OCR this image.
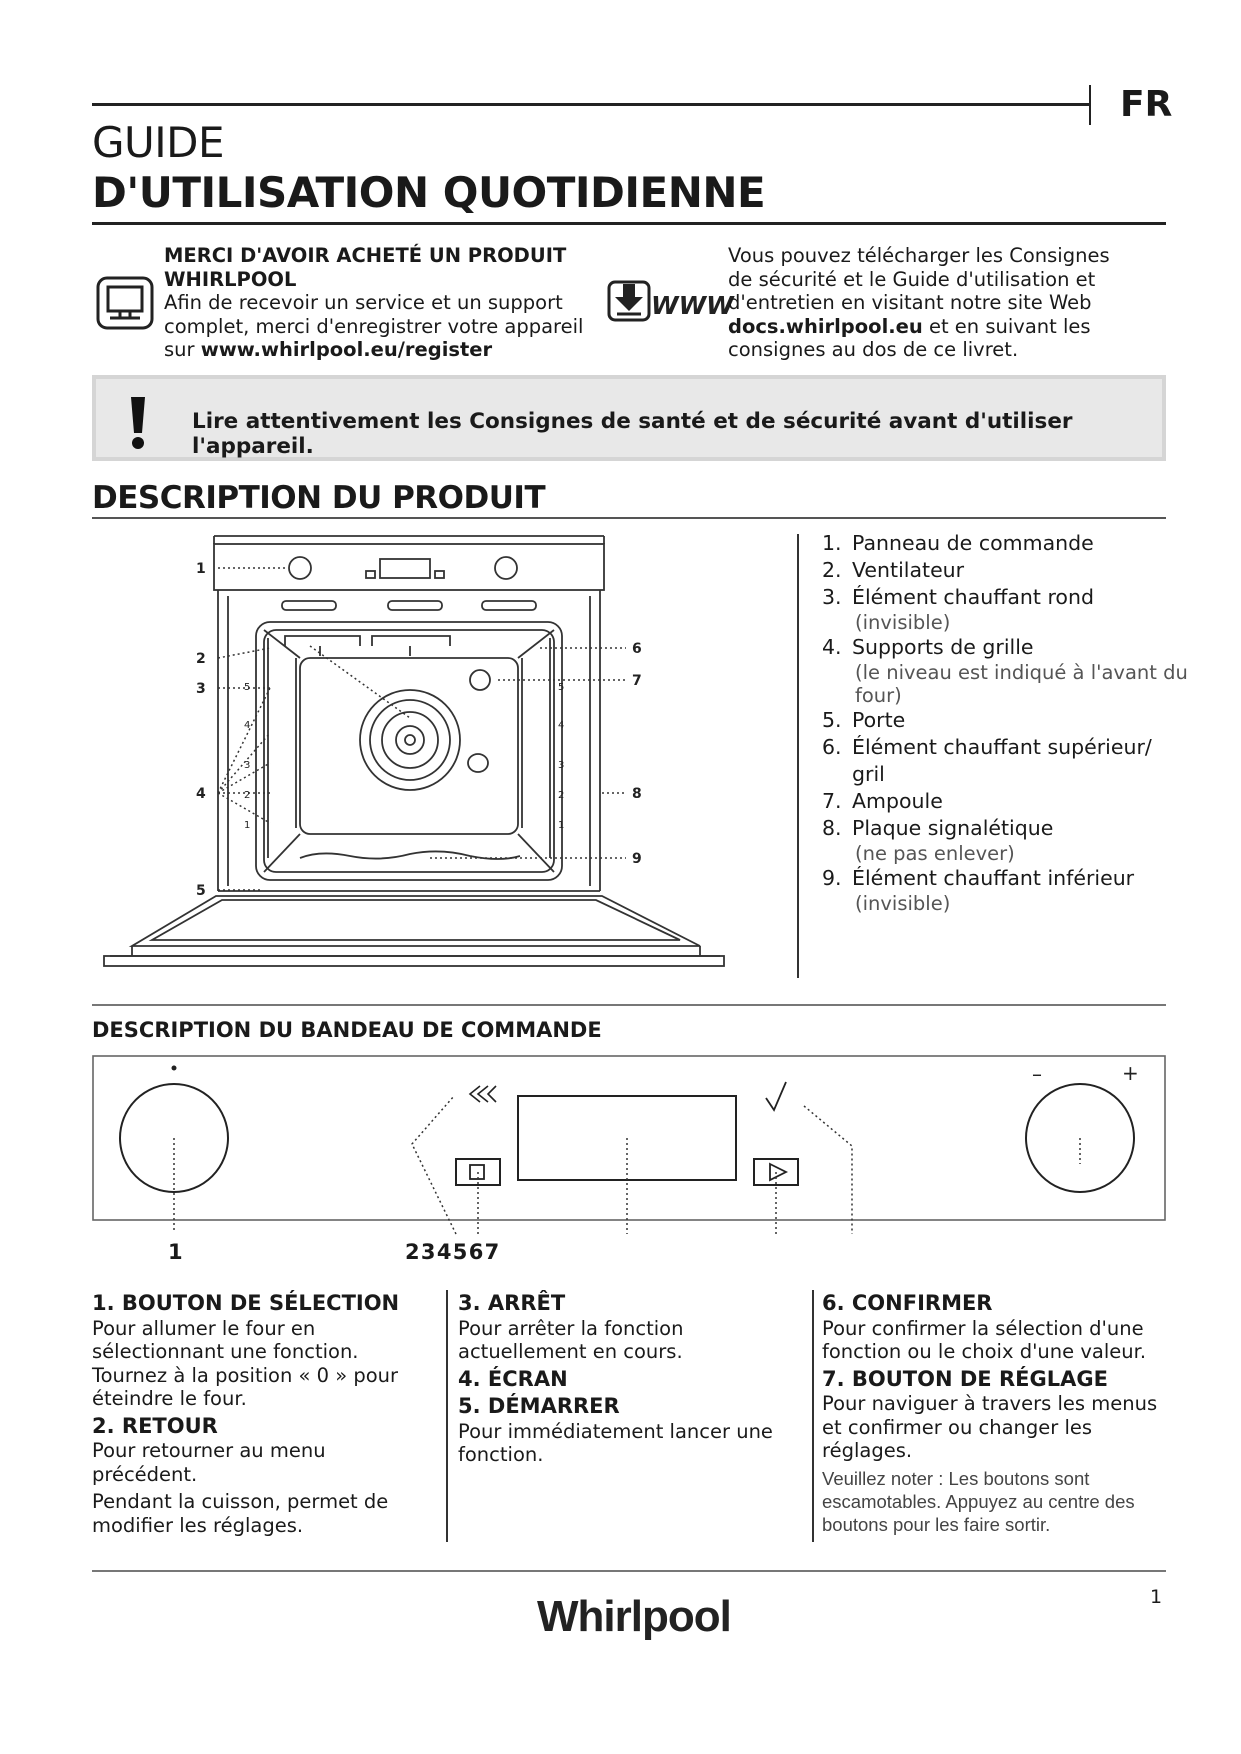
FR
GUIDE
D'UTILISATION QUOTIDIENNE
MERCI D'AVOIR ACHETÉ UN PRODUIT
WHIRLPOOL
Afin de recevoir un service et un support
complet, merci d'enregistrer votre appareil
sur www.whirlpool.eu/register
WWW
Vous pouvez télécharger les Consignes
de sécurité et le Guide d'utilisation et
d'entretien en visitant notre site Web
docs.whirlpool.eu et en suivant les
consignes au dos de ce livret.
Lire attentivement les Consignes de santé et de sécurité avant d'utiliser l'appareil.
DESCRIPTION DU PRODUIT
1
2
3
4
5
6
7
8
9
5
4
3
2
1
5
4
3
2
1
1. Panneau de commande
2. Ventilateur
3. Élément chauffant rond
(invisible)
4. Supports de grille
(le niveau est indiqué à l'avant du four)
5. Porte
6. Élément chauffant supérieur/ gril
7. Ampoule
8. Plaque signalétique
(ne pas enlever)
9. Élément chauffant inférieur
(invisible)
DESCRIPTION DU BANDEAU DE COMMANDE
–	+
1	2 3 4 5 6 7
1. BOUTON DE SÉLECTION

Pour allumer le four en sélectionnant une fonction. Tournez à la position « 0 » pour éteindre le four.

2. RETOUR

Pour retourner au menu précédent.

Pendant la cuisson, permet de modifier les réglages.

3. ARRÊT

Pour arrêter la fonction actuellement en cours.

4. ÉCRAN
5. DÉMARRER

Pour immédiatement lancer une fonction.

6. CONFIRMER

Pour confirmer la sélection d'une fonction ou le choix d'une valeur.

7. BOUTON DE RÉGLAGE

Pour naviguer à travers les menus et confirmer ou changer les réglages.

Veuillez noter : Les boutons sont escamotables. Appuyez au centre des boutons pour les faire sortir.

1
Whirlpool
